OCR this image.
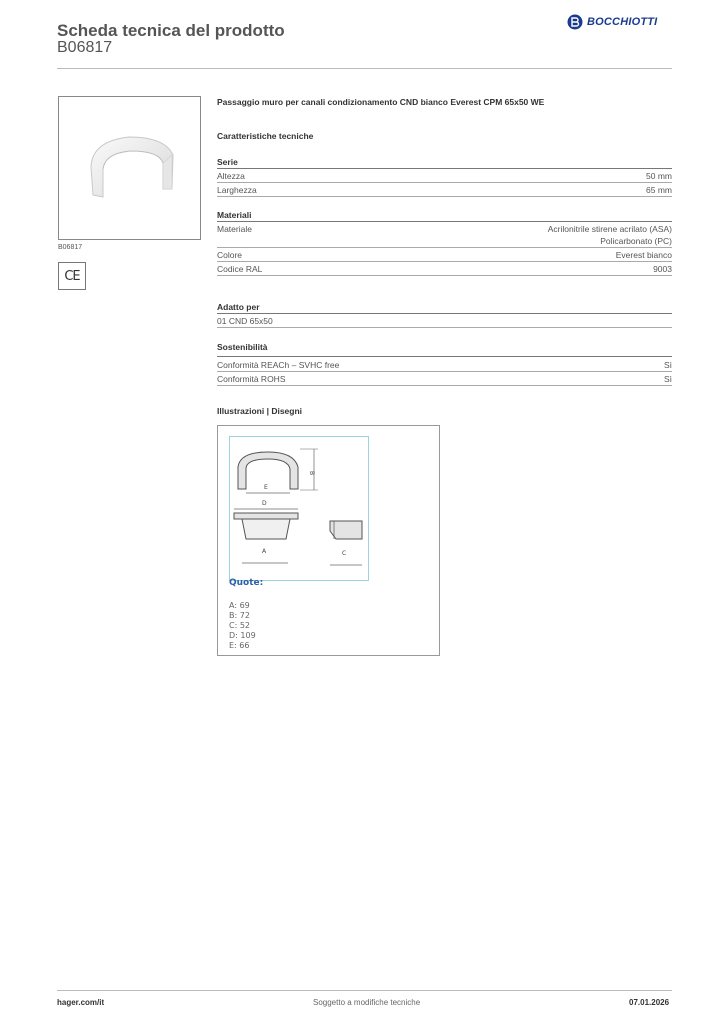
Scheda tecnica del prodotto
B06817
BOCCHIOTTI
B06817
CE
Passaggio muro per canali condizionamento CND bianco Everest CPM 65x50 WE
Caratteristiche tecniche
Serie
Altezza	50 mm
Larghezza	65 mm
Materiali
Materiale	Acrilonitrile stirene acrilato (ASA)
Policarbonato (PC)
Colore	Everest bianco
Codice RAL	9003
Adatto per
01 CND 65x50
Sostenibilità
Conformità REACh – SVHC free	Sì
Conformità ROHS	Sì
Illustrazioni | Disegni
B
E
D
A	C
Quote:
A: 69
B: 72
C: 52
D: 109
E: 66
hager.com/it	Soggetto a modifiche tecniche	07.01.2026
